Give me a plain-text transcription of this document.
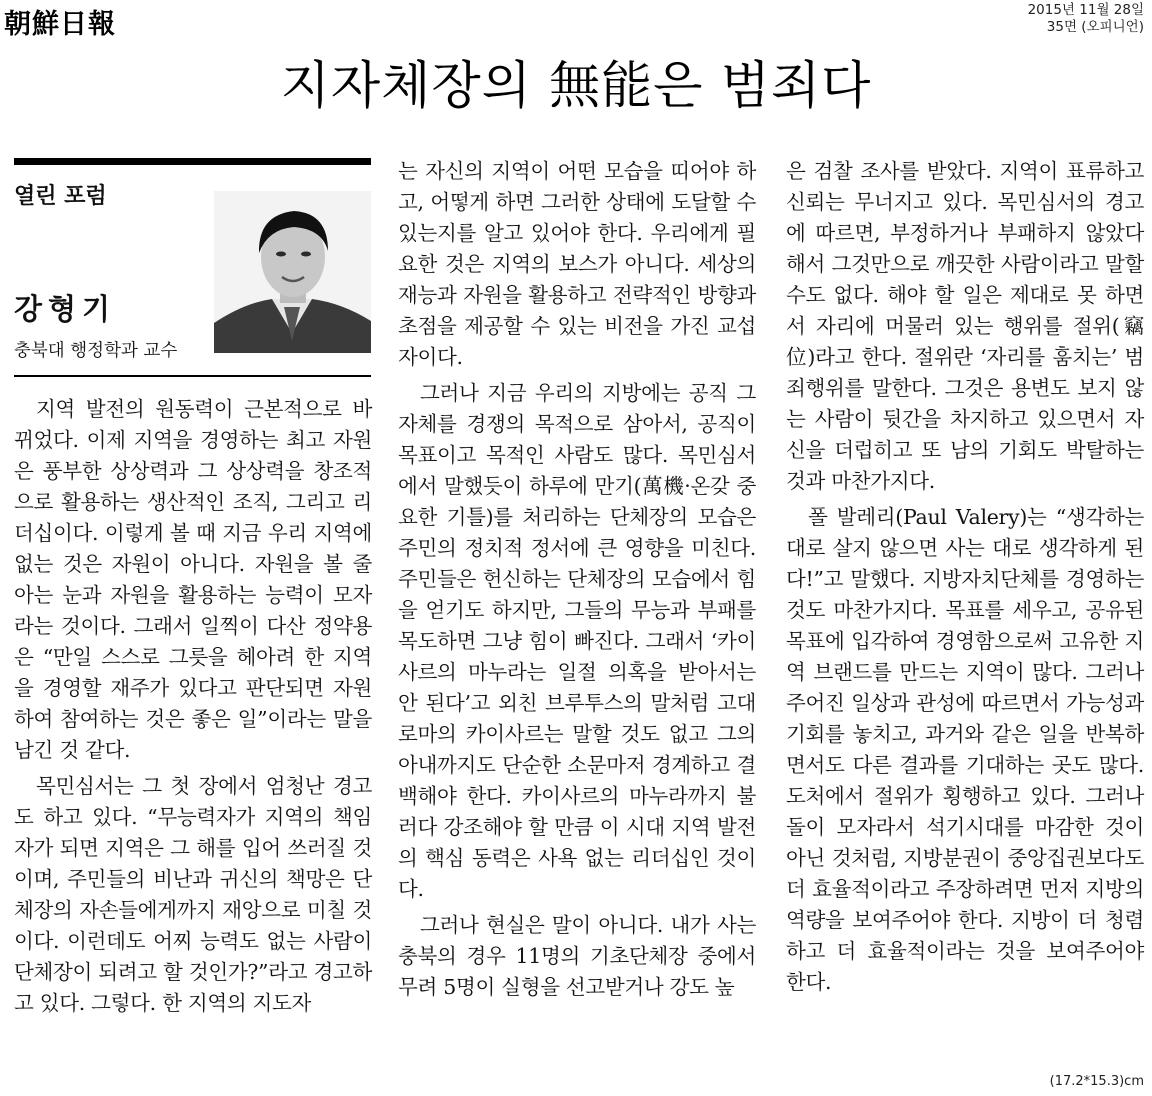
朝鮮日報	2015년 11월 28일
35면 (오피니언)
지자체장의 無能은 범죄다
열린 포럼
강형기
충북대 행정학과 교수

지역 발전의 원동력이 근본적으로 바뀌었다. 이제 지역을 경영하는 최고 자원은 풍부한 상상력과 그 상상력을 창조적으로 활용하는 생산적인 조직, 그리고 리더십이다. 이렇게 볼 때 지금 우리 지역에 없는 것은 자원이 아니다. 자원을 볼 줄 아는 눈과 자원을 활용하는 능력이 모자라는 것이다. 그래서 일찍이 다산 정약용은 “만일 스스로 그릇을 헤아려 한 지역을 경영할 재주가 있다고 판단되면 자원하여 참여하는 것은 좋은 일”이라는 말을 남긴 것 같다.

목민심서는 그 첫 장에서 엄청난 경고도 하고 있다. “무능력자가 지역의 책임자가 되면 지역은 그 해를 입어 쓰러질 것이며, 주민들의 비난과 귀신의 책망은 단체장의 자손들에게까지 재앙으로 미칠 것이다. 이런데도 어찌 능력도 없는 사람이 단체장이 되려고 할 것인가?”라고 경고하고 있다. 그렇다. 한 지역의 지도자

는 자신의 지역이 어떤 모습을 띠어야 하고, 어떻게 하면 그러한 상태에 도달할 수 있는지를 알고 있어야 한다. 우리에게 필요한 것은 지역의 보스가 아니다. 세상의 재능과 자원을 활용하고 전략적인 방향과 초점을 제공할 수 있는 비전을 가진 교섭자이다.

그러나 지금 우리의 지방에는 공직 그 자체를 경쟁의 목적으로 삼아서, 공직이 목표이고 목적인 사람도 많다. 목민심서에서 말했듯이 하루에 만기(萬機·온갖 중요한 기틀)를 처리하는 단체장의 모습은 주민의 정치적 정서에 큰 영향을 미친다. 주민들은 헌신하는 단체장의 모습에서 힘을 얻기도 하지만, 그들의 무능과 부패를 목도하면 그냥 힘이 빠진다. 그래서 ‘카이사르의 마누라는 일절 의혹을 받아서는 안 된다’고 외친 브루투스의 말처럼 고대 로마의 카이사르는 말할 것도 없고 그의 아내까지도 단순한 소문마저 경계하고 결백해야 한다. 카이사르의 마누라까지 불러다 강조해야 할 만큼 이 시대 지역 발전의 핵심 동력은 사욕 없는 리더십인 것이다.

그러나 현실은 말이 아니다. 내가 사는 충북의 경우 11명의 기초단체장 중에서 무려 5명이 실형을 선고받거나 강도 높

은 검찰 조사를 받았다. 지역이 표류하고 신뢰는 무너지고 있다. 목민심서의 경고에 따르면, 부정하거나 부패하지 않았다 해서 그것만으로 깨끗한 사람이라고 말할 수도 없다. 해야 할 일은 제대로 못 하면서 자리에 머물러 있는 행위를 절위(竊位)라고 한다. 절위란 ‘자리를 훔치는’ 범죄행위를 말한다. 그것은 용변도 보지 않는 사람이 뒷간을 차지하고 있으면서 자신을 더럽히고 또 남의 기회도 박탈하는 것과 마찬가지다.

폴 발레리(Paul Valery)는 “생각하는 대로 살지 않으면 사는 대로 생각하게 된다!”고 말했다. 지방자치단체를 경영하는 것도 마찬가지다. 목표를 세우고, 공유된 목표에 입각하여 경영함으로써 고유한 지역 브랜드를 만드는 지역이 많다. 그러나 주어진 일상과 관성에 따르면서 가능성과 기회를 놓치고, 과거와 같은 일을 반복하면서도 다른 결과를 기대하는 곳도 많다. 도처에서 절위가 횡행하고 있다. 그러나 돌이 모자라서 석기시대를 마감한 것이 아닌 것처럼, 지방분권이 중앙집권보다도 더 효율적이라고 주장하려면 먼저 지방의 역량을 보여주어야 한다. 지방이 더 청렴하고 더 효율적이라는 것을 보여주어야 한다.

(17.2*15.3)cm
